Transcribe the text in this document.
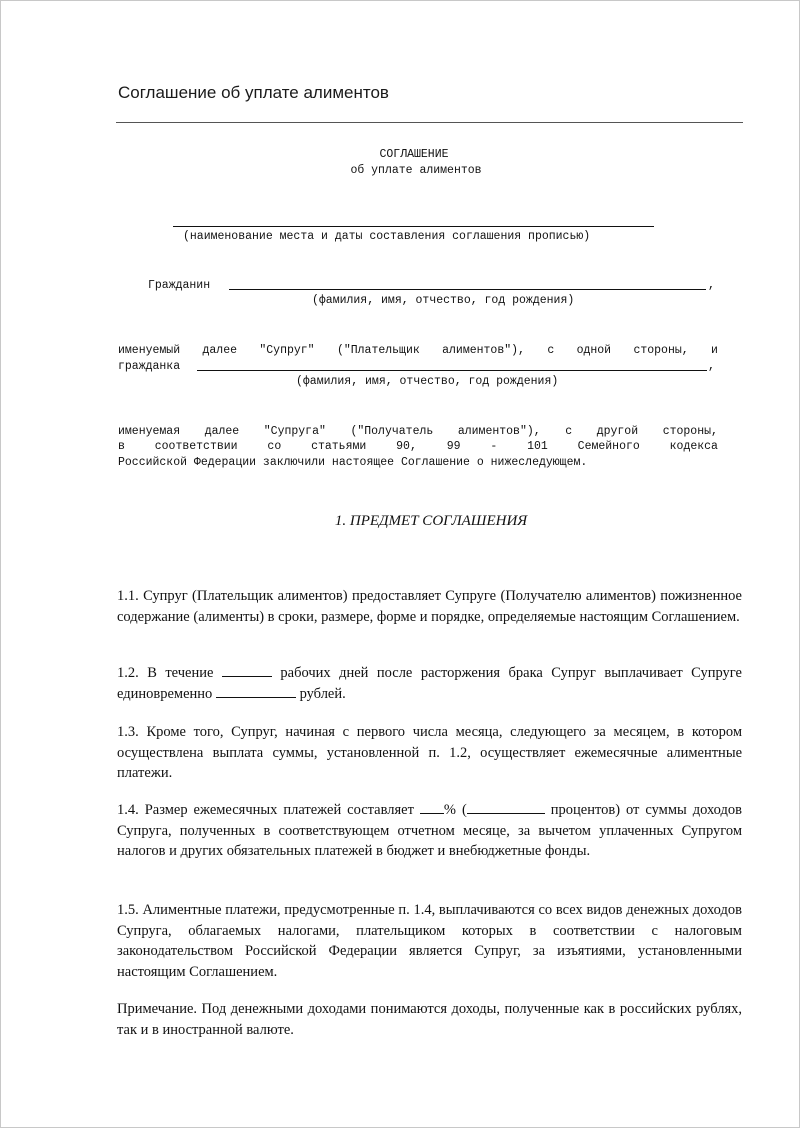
Соглашение об уплате алиментов
СОГЛАШЕНИЕ
об уплате алиментов
(наименование места и даты составления соглашения прописью)
Гражданин	,
(фамилия, имя, отчество, год рождения)
именуемый далее "Супруг" ("Плательщик алиментов"), с одной стороны, и
гражданка	,
(фамилия, имя, отчество, год рождения)
именуемая далее "Супруга" ("Получатель алиментов"), с другой стороны,
в	соответствии	со	статьями	90,	99	-	101	Семейного	кодекса
Российской Федерации заключили настоящее Соглашение о нижеследующем.
1. ПРЕДМЕТ СОГЛАШЕНИЯ
1.1. Супруг (Плательщик алиментов) предоставляет Супруге (Получателю алиментов) пожизненное содержание (алименты) в сроки, размере, форме и порядке, определяемые настоящим Соглашением.
1.2. В течение	рабочих дней после расторжения брака Супруг выплачивает Супруге единовременно	рублей.
1.3. Кроме того, Супруг, начиная с первого числа месяца, следующего за месяцем, в котором осуществлена выплата суммы, установленной п. 1.2, осуществляет ежемесячные алиментные платежи.
1.4. Размер ежемесячных платежей составляет % (	процентов) от суммы доходов Супруга, полученных в соответствующем отчетном месяце, за вычетом уплаченных Супругом налогов и других обязательных платежей в бюджет и внебюджетные фонды.
1.5. Алиментные платежи, предусмотренные п. 1.4, выплачиваются со всех видов денежных доходов Супруга, облагаемых налогами, плательщиком которых в соответствии с налоговым законодательством Российской Федерации является Супруг, за изъятиями, установленными настоящим Соглашением.
Примечание. Под денежными доходами понимаются доходы, полученные как в российских рублях, так и в иностранной валюте.
